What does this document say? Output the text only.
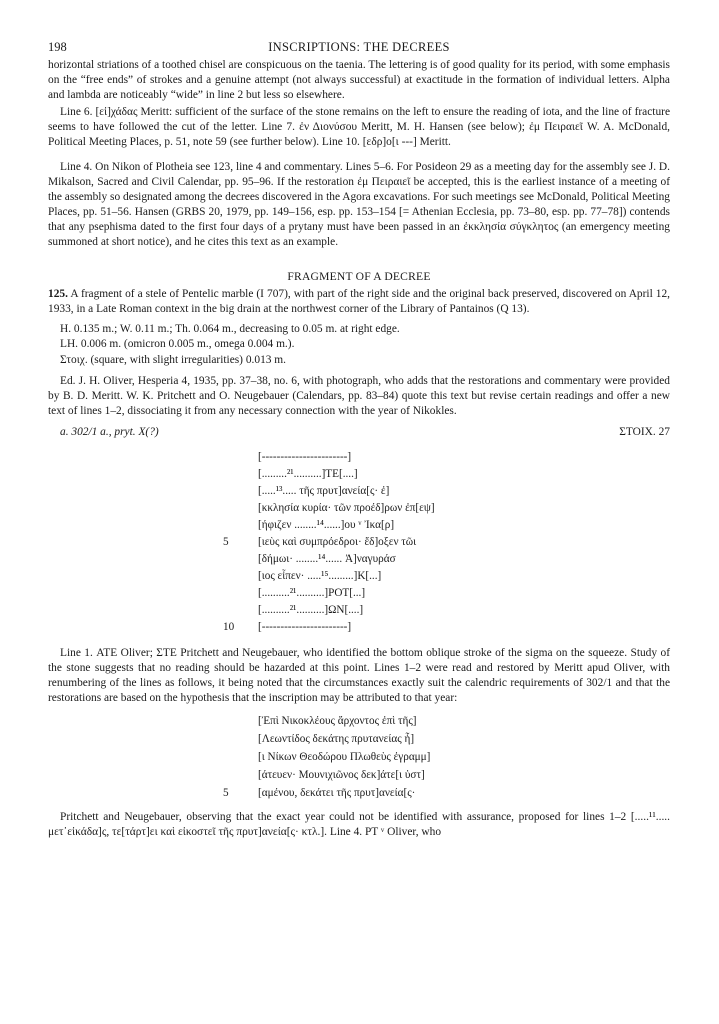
198	INSCRIPTIONS: THE DECREES

horizontal striations of a toothed chisel are conspicuous on the taenia. The lettering is of good quality for its period, with some emphasis on the “free ends” of strokes and a genuine attempt (not always successful) at exactitude in the formation of individual letters. Alpha and lambda are noticeably “wide” in line 2 but less so elsewhere.

Line 6. [εἰ]χάδας Meritt: sufficient of the surface of the stone remains on the left to ensure the reading of iota, and the line of fracture seems to have followed the cut of the letter. Line 7. ἐν Διονύσου Meritt, M. H. Hansen (see below); ἐμ Πειραιεῖ W. A. McDonald, Political Meeting Places, p. 51, note 59 (see further below). Line 10. [εδρ]ο[ι ---] Meritt.

Line 4. On Nikon of Plotheia see 123, line 4 and commentary. Lines 5–6. For Posideon 29 as a meeting day for the assembly see J. D. Mikalson, Sacred and Civil Calendar, pp. 95–96. If the restoration ἐμ Πειραιεῖ be accepted, this is the earliest instance of a meeting of the assembly so designated among the decrees discovered in the Agora excavations. For such meetings see McDonald, Political Meeting Places, pp. 51–56. Hansen (GRBS 20, 1979, pp. 149–156, esp. pp. 153–154 [= Athenian Ecclesia, pp. 73–80, esp. pp. 77–78]) contends that any psephisma dated to the first four days of a prytany must have been passed in an ἐκκλησία σύγκλητος (an emergency meeting summoned at short notice), and he cites this text as an example.

FRAGMENT OF A DECREE

125. A fragment of a stele of Pentelic marble (I 707), with part of the right side and the original back preserved, discovered on April 12, 1933, in a Late Roman context in the big drain at the northwest corner of the Library of Pantainos (Q 13).

H. 0.135 m.; W. 0.11 m.; Th. 0.064 m., decreasing to 0.05 m. at right edge.
LH. 0.006 m. (omicron 0.005 m., omega 0.004 m.).
Στοιχ. (square, with slight irregularities) 0.013 m.

Ed. J. H. Oliver, Hesperia 4, 1935, pp. 37–38, no. 6, with photograph, who adds that the restorations and commentary were provided by B. D. Meritt. W. K. Pritchett and O. Neugebauer (Calendars, pp. 83–84) quote this text but revise certain readings and offer a new text of lines 1–2, dissociating it from any necessary connection with the year of Nikokles.

a. 302/1 a., pryt. X(?)	ΣΤΟΙΧ. 27
[-----------------------]
[.........²¹..........]ΤΕ[....]
[.....¹³..... τῆς πρυτ]ανεία[ς· ἐ]
[κκλησία κυρία· τῶν προέδ]ρων ἐπ[εψ]
[ήφιζεν ........¹⁴......]ου ᵛ Ἰκα[ρ]
5	[ιεὺς καὶ συμπρόεδροι· ἔδ]οξεν τῶι
[δήμωι· ........¹⁴...... Ἀ]ναγυράσ
[ιος εἶπεν· .....¹⁵.........]Κ[...]
[..........²¹..........]ΡΟΤ[...]
[..........²¹..........]ΩΝ[....]
10 [-----------------------]

Line 1. ΑΤΕ Oliver; ΣΤΕ Pritchett and Neugebauer, who identified the bottom oblique stroke of the sigma on the squeeze. Study of the stone suggests that no reading should be hazarded at this point. Lines 1–2 were read and restored by Meritt apud Oliver, with renumbering of the lines as follows, it being noted that the circumstances exactly suit the calendric requirements of 302/1 and that the restorations are based on the hypothesis that the inscription may be attributed to that year:

[Ἐπὶ Νικοκλέους ἄρχοντος ἐπὶ τῆς]
[Λεωντίδος δεκάτης πρυτανείας ἧ]
[ι Νίκων Θεοδώρου Πλωθεὺς ἐγραμμ]
[άτευεν· Μουνιχιῶνος δεκ]άτε[ι ὑστ]
5	[αμένου, δεκάτει τῆς πρυτ]ανεία[ς·

Pritchett and Neugebauer, observing that the exact year could not be identified with assurance, proposed for lines 1–2 [.....¹¹..... μετ᾽εἰκάδα]ς, τε[τάρτ]ει καὶ εἰκοστεῖ τῆς πρυτ]ανεία[ς· κτλ.]. Line 4. ΡΤ ᵛ Oliver, who
